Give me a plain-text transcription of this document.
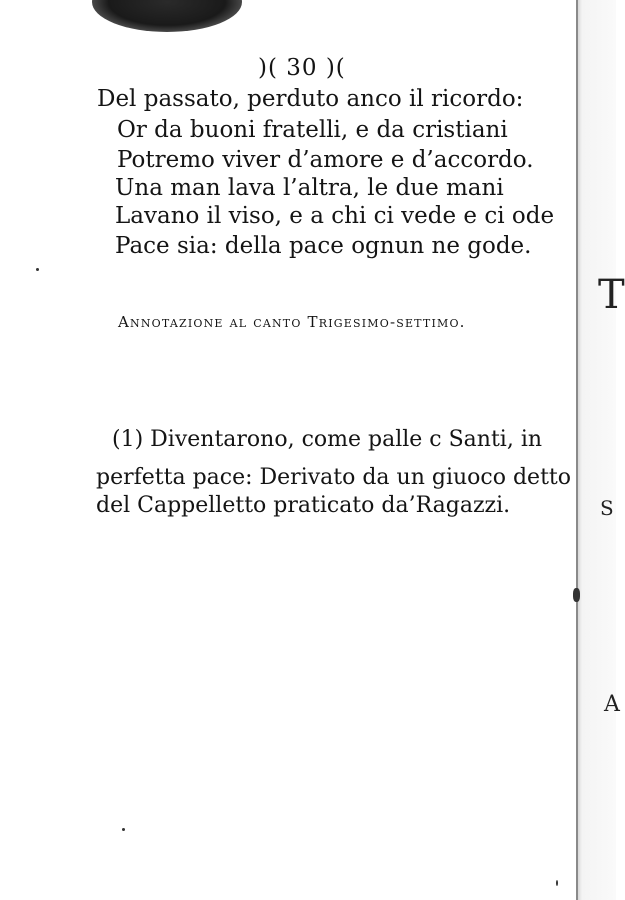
T
S
A
)( 30 )(
Del passato, perduto anco il ricordo:
Or da buoni fratelli, e da cristiani
Potremo viver d’amore e d’accordo.
Una man lava l’altra, le due mani
Lavano il viso, e a chi ci vede e ci ode
Pace sia: della pace ognun ne gode.
Annotazione al canto Trigesimo-settimo.
(1) Diventarono, come palle c Santi, in
perfetta pace: Derivato da un giuoco detto
del Cappelletto praticato da’Ragazzi.
